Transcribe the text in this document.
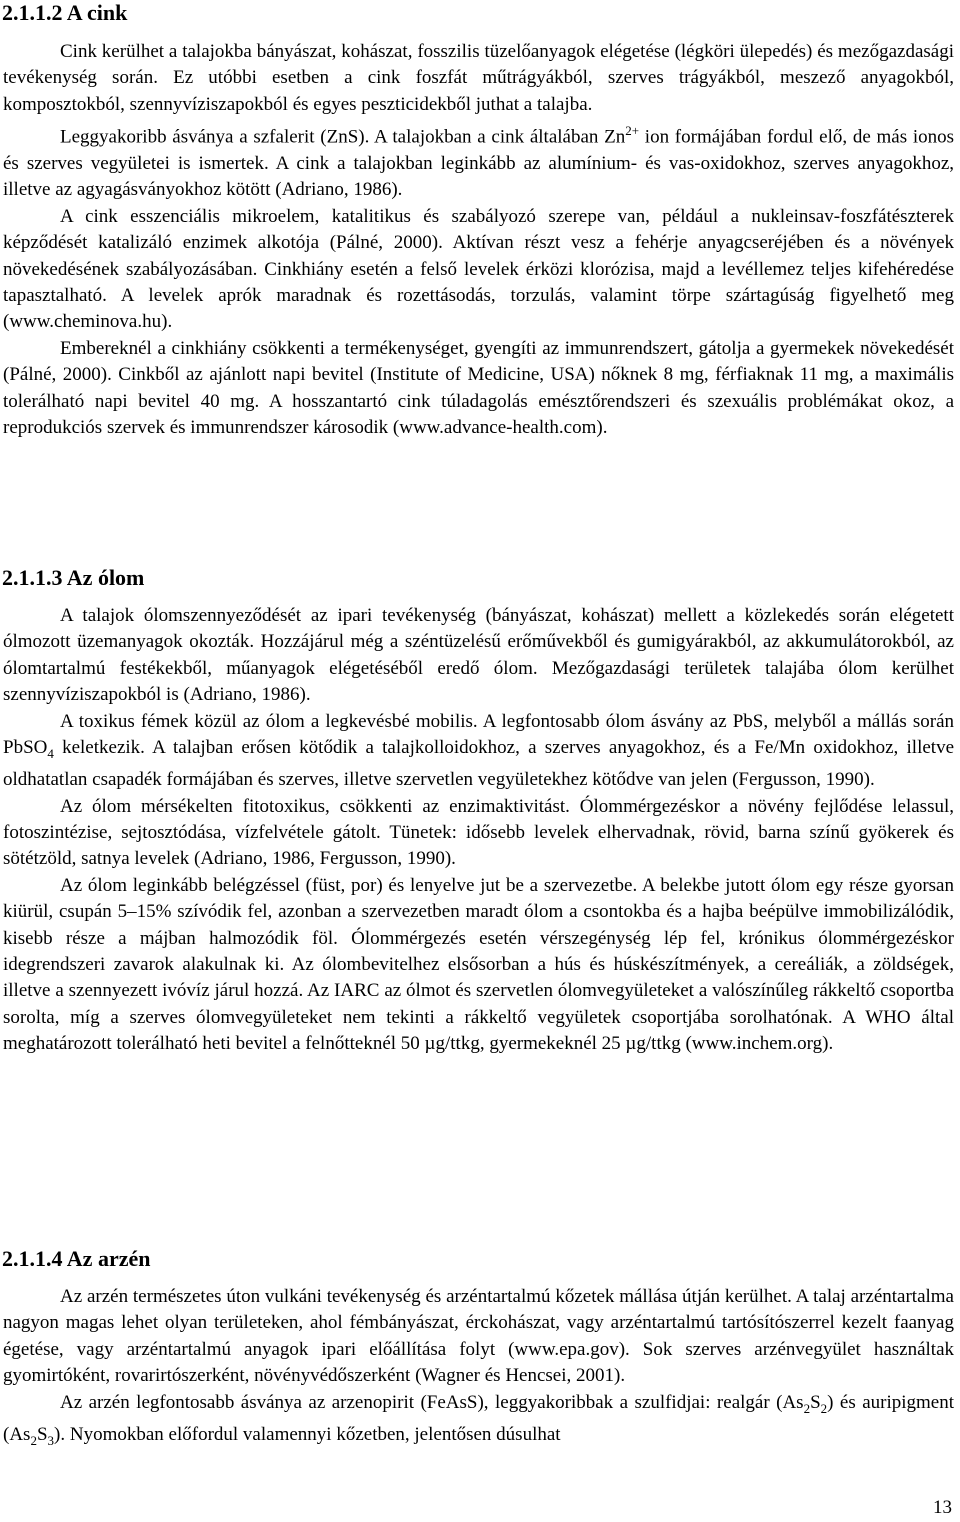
2.1.1.2 A cink

Cink kerülhet a talajokba bányászat, kohászat, fosszilis tüzelőanyagok elégetése (légköri ülepedés) és mezőgazdasági tevékenység során. Ez utóbbi esetben a cink foszfát műtrágyákból, szerves trágyákból, meszező anyagokból, komposztokból, szennyvíziszapokból és egyes peszticidekből juthat a talajba.

Leggyakoribb ásványa a szfalerit (ZnS). A talajokban a cink általában $Zn^{2+}$ ion formájában fordul elő, de más ionos és szerves vegyületei is ismertek. A cink a talajokban leginkább az alumínium- és vas-oxidokhoz, szerves anyagokhoz, illetve az agyagásványokhoz kötött (Adriano, 1986).

A cink esszenciális mikroelem, katalitikus és szabályozó szerepe van, például a nukleinsav-foszfátészterek képződését katalizáló enzimek alkotója (Pálné, 2000). Aktívan részt vesz a fehérje anyagcseréjében és a növények növekedésének szabályozásában. Cinkhiány esetén a felső levelek érközi klorózisa, majd a levéllemez teljes kifehéredése tapasztalható. A levelek aprók maradnak és rozettásodás, torzulás, valamint törpe szártagúság figyelhető meg (www.cheminova.hu).

Embereknél a cinkhiány csökkenti a termékenységet, gyengíti az immunrendszert, gátolja a gyermekek növekedését (Pálné, 2000). Cinkből az ajánlott napi bevitel (Institute of Medicine, USA) nőknek 8 mg, férfiaknak 11 mg, a maximális tolerálható napi bevitel 40 mg. A hosszantartó cink túladagolás emésztőrendszeri és szexuális problémákat okoz, a reprodukciós szervek és immunrendszer károsodik (www.advance-health.com).

2.1.1.3 Az ólom

A talajok ólomszennyeződését az ipari tevékenység (bányászat, kohászat) mellett a közlekedés során elégetett ólmozott üzemanyagok okozták. Hozzájárul még a széntüzelésű erőművekből és gumigyárakból, az akkumulátorokból, az ólomtartalmú festékekből, műanyagok elégetéséből eredő ólom. Mezőgazdasági területek talajába ólom kerülhet szennyvíziszapokból is (Adriano, 1986).

A toxikus fémek közül az ólom a legkevésbé mobilis. A legfontosabb ólom ásvány az PbS, melyből a mállás során PbSO$_4$ keletkezik. A talajban erősen kötődik a talajkolloidokhoz, a szerves anyagokhoz, és a Fe/Mn oxidokhoz, illetve oldhatatlan csapadék formájában és szerves, illetve szervetlen vegyületekhez kötődve van jelen (Fergusson, 1990).

Az ólom mérsékelten fitotoxikus, csökkenti az enzimaktivitást. Ólommérgezéskor a növény fejlődése lelassul, fotoszintézise, sejtosztódása, vízfelvétele gátolt. Tünetek: idősebb levelek elhervadnak, rövid, barna színű gyökerek és sötétzöld, satnya levelek (Adriano, 1986, Fergusson, 1990).

Az ólom leginkább belégzéssel (füst, por) és lenyelve jut be a szervezetbe. A belekbe jutott ólom egy része gyorsan kiürül, csupán 5–15% szívódik fel, azonban a szervezetben maradt ólom a csontokba és a hajba beépülve immobilizálódik, kisebb része a májban halmozódik föl. Ólommérgezés esetén vérszegénység lép fel, krónikus ólommérgezéskor idegrendszeri zavarok alakulnak ki. Az ólombevitelhez elsősorban a hús és húskészítmények, a cereáliák, a zöldségek, illetve a szennyezett ivóvíz járul hozzá. Az IARC az ólmot és szervetlen ólomvegyületeket a valószínűleg rákkeltő csoportba sorolta, míg a szerves ólomvegyületeket nem tekinti a rákkeltő vegyületek csoportjába sorolhatónak. A WHO által meghatározott tolerálható heti bevitel a felnőtteknél 50 µg/ttkg, gyermekeknél 25 µg/ttkg (www.inchem.org).

2.1.1.4 Az arzén

Az arzén természetes úton vulkáni tevékenység és arzéntartalmú kőzetek mállása útján kerülhet. A talaj arzéntartalma nagyon magas lehet olyan területeken, ahol fémbányászat, érckohászat, vagy arzéntartalmú tartósítószerrel kezelt faanyag égetése, vagy arzéntartalmú anyagok ipari előállítása folyt (www.epa.gov). Sok szerves arzénvegyület használtak gyomirtóként, rovarirtószerként, növényvédőszerként (Wagner és Hencsei, 2001).

Az arzén legfontosabb ásványa az arzenopirit (FeAsS), leggyakoribbak a szulfidjai: realgár $(As_2S_2)$ és auripigment $(As_2S_3)$. Nyomokban előfordul valamennyi kőzetben, jelentősen dúsulhat

13
